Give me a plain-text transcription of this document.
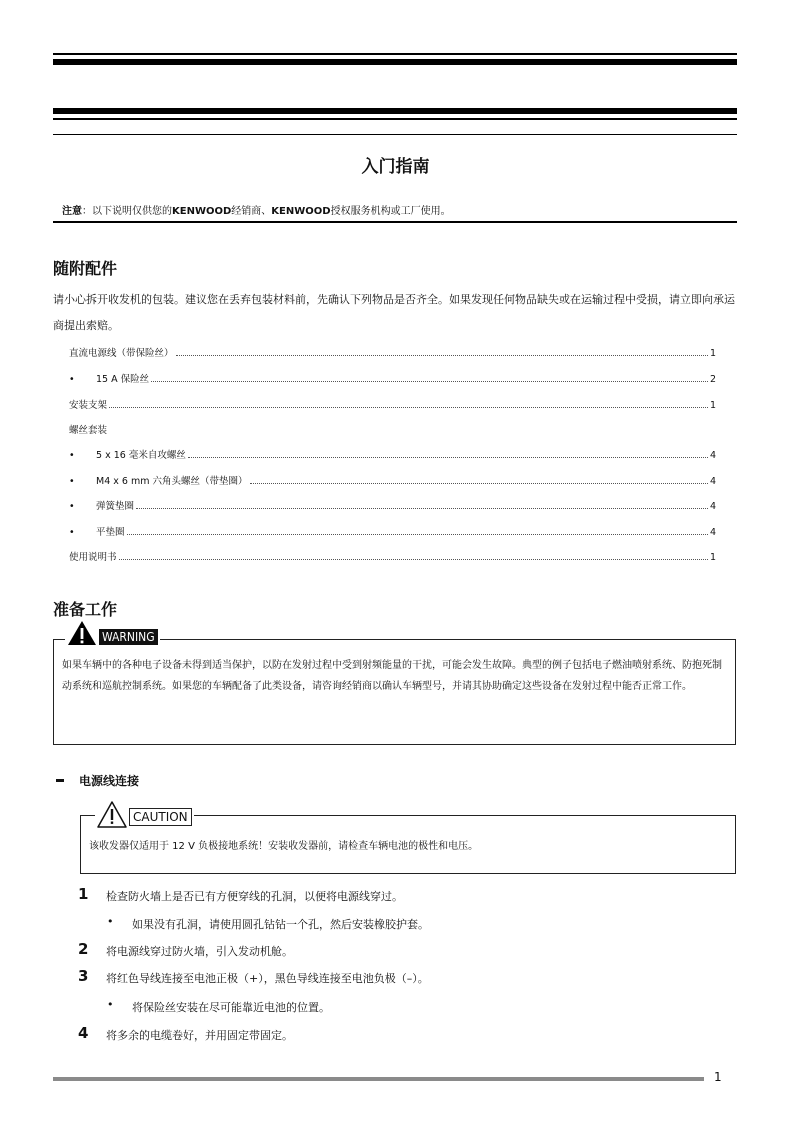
入门指南
注意：以下说明仅供您的KENWOOD经销商、KENWOOD授权服务机构或工厂使用。
随附配件
请小心拆开收发机的包装。建议您在丢弃包装材料前，先确认下列物品是否齐全。如果发现任何物品缺失或在运输过程中受损，请立即向承运商提出索赔。
直流电源线（带保险丝）	1
•	15 A 保险丝	2
安装支架	1
螺丝套装
•	5 x 16 毫米自攻螺丝	4
•	M4 x 6 mm 六角头螺丝（带垫圈）	4
•	弹簧垫圈	4
•	平垫圈	4
使用说明书	1
准备工作
如果车辆中的各种电子设备未得到适当保护，以防在发射过程中受到射频能量的干扰，可能会发生故障。典型的例子包括电子燃油喷射系统、防抱死制动系统和巡航控制系统。如果您的车辆配备了此类设备，请咨询经销商以确认车辆型号，并请其协助确定这些设备在发射过程中能否正常工作。
WARNING
电源线连接
该收发器仅适用于 12 V 负极接地系统！安装收发器前，请检查车辆电池的极性和电压。
CAUTION
1 检查防火墙上是否已有方便穿线的孔洞，以便将电源线穿过。
• 如果没有孔洞，请使用圆孔钻钻一个孔，然后安装橡胶护套。
2 将电源线穿过防火墙，引入发动机舱。
3 将红色导线连接至电池正极（+），黑色导线连接至电池负极（–）。
• 将保险丝安装在尽可能靠近电池的位置。
4 将多余的电缆卷好，并用固定带固定。
1
